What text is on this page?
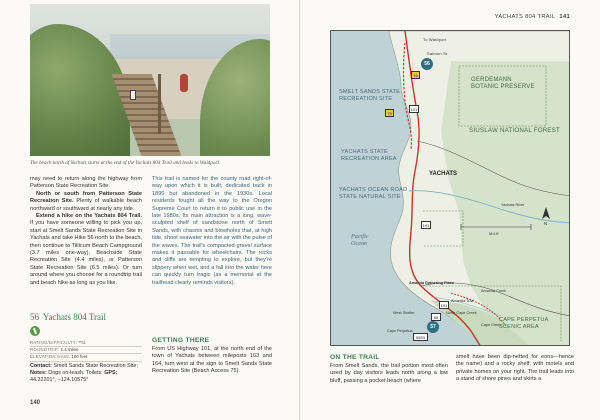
The beach north of Yachats starts at the end of the Yachats 804 Trail and leads to Waldport.

may need to return along the highway from Patterson State Recreation Site.

North or south from Patterson State Recreation Site. Plenty of walkable beach northward or southward at nearly any tide.

Extend a hike on the Yachats 804 Trail. If you have someone willing to pick you up, start at Smelt Sands State Recreation Site in Yachats and take Hike 56 north to the beach, then continue to Tillicum Beach Campground (3.7 miles one-way), Beachside State Recreation Site (4.4 miles), or Patterson State Recreation Site (6.5 miles). Or turn around where you choose for a roundtrip trail and beach hike as long as you like.

This trail is named for the county road right-of-way upon which it is built, dedicated back in 1890 but abandoned in the 1930s. Local residents fought all the way to the Oregon Supreme Court to return it to public use in the late 1980s. Its main attraction is a long, wave-sculpted shelf of sandstone north of Smelt Sands, with chasms and blowholes that, at high tide, shoot seawater into the air with the pulse of the waves. The trail's compacted gravel surface makes it passable for wheelchairs. The rocks and cliffs are tempting to explore, but they're slippery when wet, and a fall into the water here can quickly turn tragic (as a memorial at the trailhead clearly reminds visitors).
56 Yachats 804 Trail
RATING/DIFFICULTY: **/1
ROUNDTRIP: 1.4 miles
ELEVATION GAIN: 100 feet
Contact: Smelt Sands State Recreation Site; Notes: Dogs on-leash. Toilets; GPS: 44.32201°, −124.10575°
GETTING THERE
From US Highway 101, at the north end of the town of Yachats between mileposts 163 and 164, turn west at the sign to Smelt Sands State Recreation Site (Beach Access 75).
140
YACHATS 804 TRAIL 141
To Waldport
Salmon St
GERDEMANN BOTANIC PRESERVE
SMELT SANDS STATE RECREATION SITE
SIUSLAW NATIONAL FOREST
YACHATS STATE RECREATION AREA
YACHATS
YACHATS OCEAN ROAD STATE NATURAL SITE
Pacific Ocean
MILE
N
Yachats River
Amanda Gathering Place
Amanda Trail
Amanda Creek
North Cape Creek
Cape Creek
West Shelter
Cape Perpetua
CAPE PERPETUA SCENIC AREA
56
57
76
75
101
101
101
55
5553
ON THE TRAIL
From Smelt Sands, the trail portion most often used by day visitors leads north along a low bluff, passing a pocket beach (where
smelt have been dip-netted for eons—hence the name) and a rocky shelf, with motels and private homes on your right. The trail leads into a stand of shore pines and skirts a
